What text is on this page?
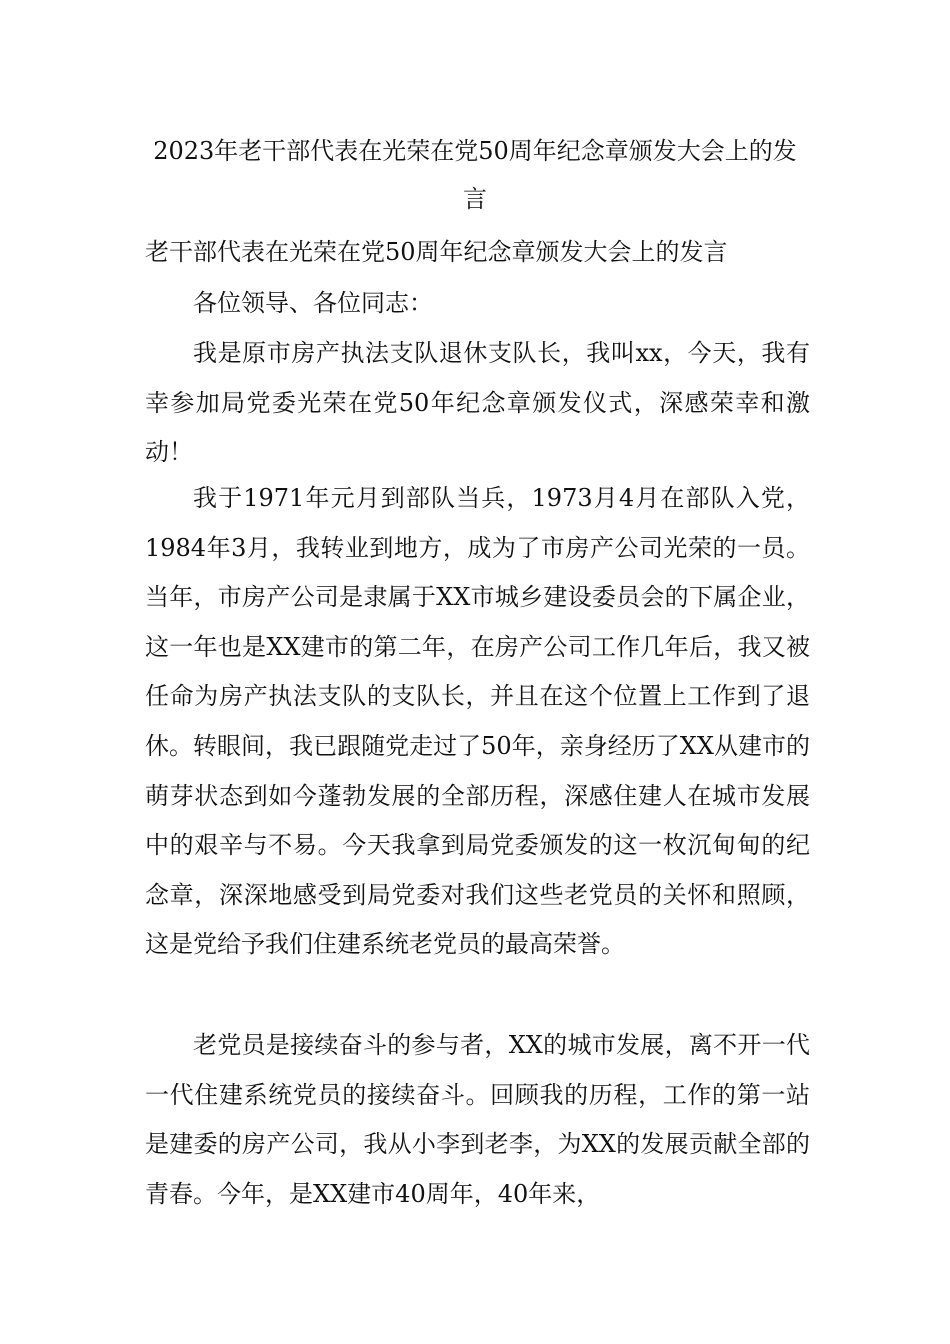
2023年老干部代表在光荣在党50周年纪念章颁发大会上的发言
老干部代表在光荣在党50周年纪念章颁发大会上的发言

各位领导、各位同志：

我是原市房产执法支队退休支队长，我叫xx，今天，我有幸参加局党委光荣在党50年纪念章颁发仪式，深感荣幸和激动！

我于1971年元月到部队当兵，1973月4月在部队入党，1984年3月，我转业到地方，成为了市房产公司光荣的一员。当年，市房产公司是隶属于XX市城乡建设委员会的下属企业，这一年也是XX建市的第二年，在房产公司工作几年后，我又被任命为房产执法支队的支队长，并且在这个位置上工作到了退休。转眼间，我已跟随党走过了50年，亲身经历了XX从建市的萌芽状态到如今蓬勃发展的全部历程，深感住建人在城市发展中的艰辛与不易。今天我拿到局党委颁发的这一枚沉甸甸的纪念章，深深地感受到局党委对我们这些老党员的关怀和照顾，这是党给予我们住建系统老党员的最高荣誉。

老党员是接续奋斗的参与者，XX的城市发展，离不开一代一代住建系统党员的接续奋斗。回顾我的历程，工作的第一站是建委的房产公司，我从小李到老李，为XX的发展贡献全部的青春。今年，是XX建市40周年，40年来，
